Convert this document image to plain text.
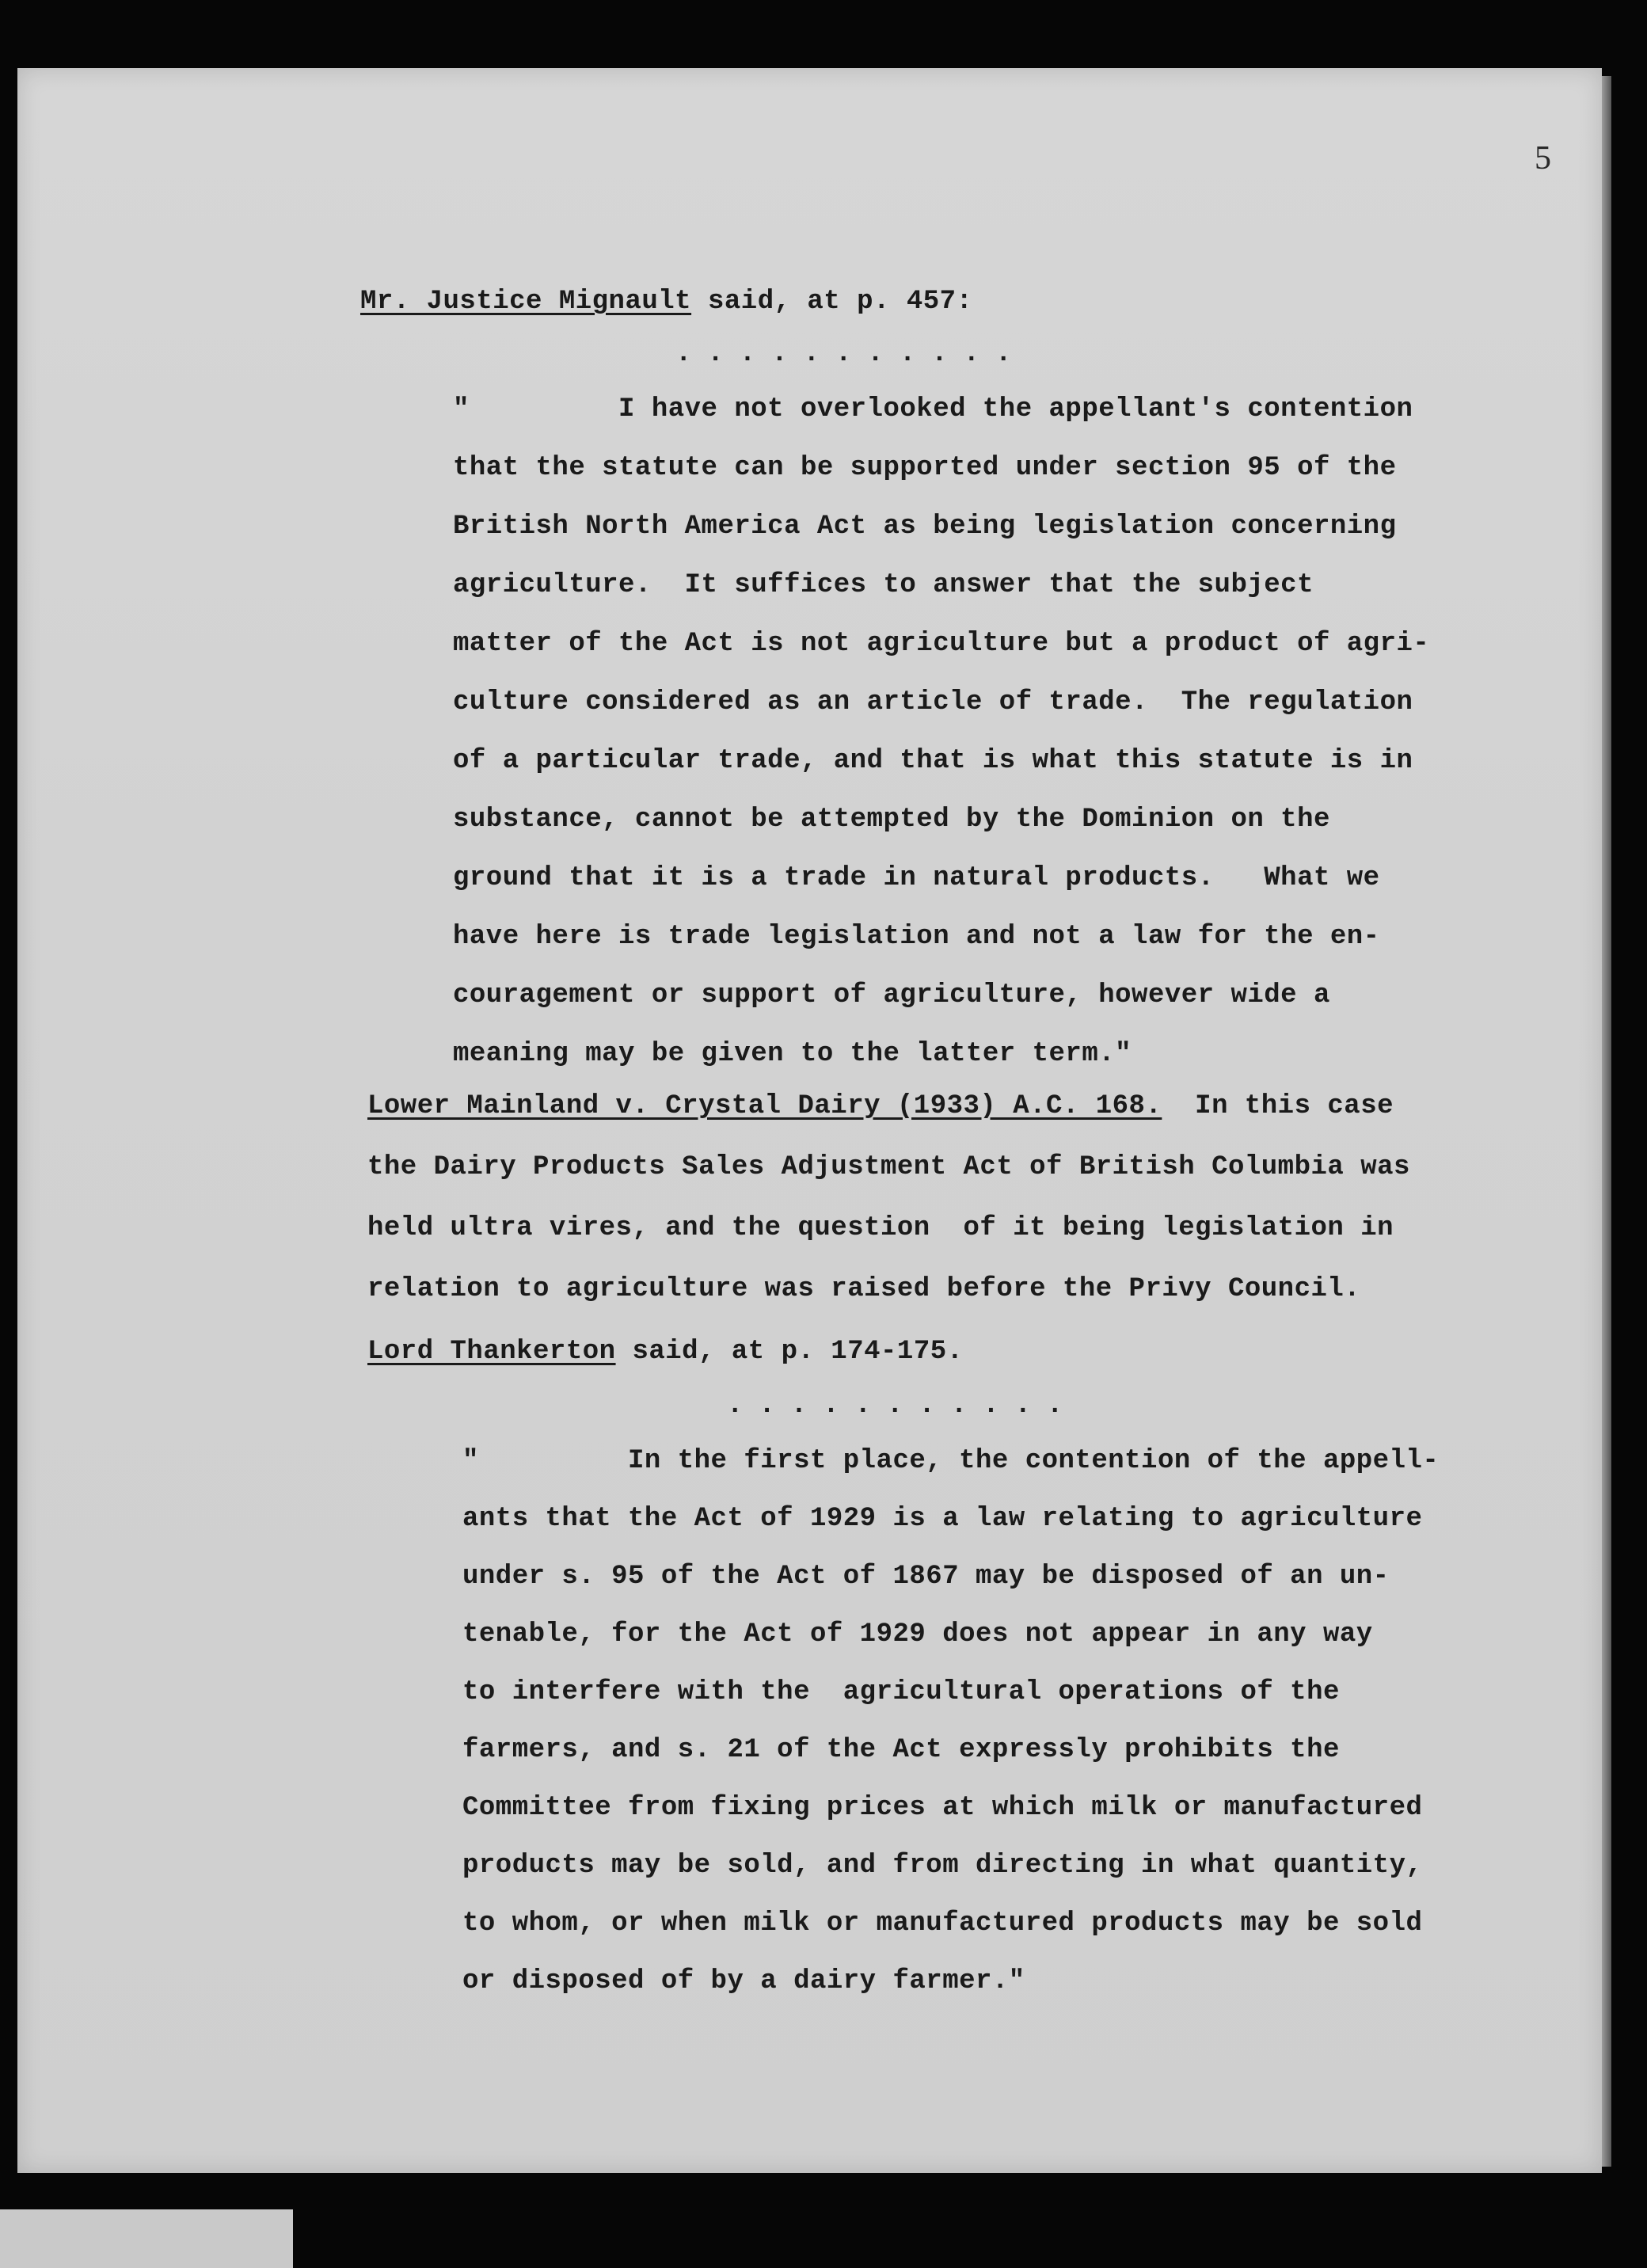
5
Mr. Justice Mignault said, at p. 457:
...........
"         I have not overlooked the appellant's contention
that the statute can be supported under section 95 of the
British North America Act as being legislation concerning
agriculture.  It suffices to answer that the subject
matter of the Act is not agriculture but a product of agri-
culture considered as an article of trade.  The regulation
of a particular trade, and that is what this statute is in
substance, cannot be attempted by the Dominion on the
ground that it is a trade in natural products.   What we
have here is trade legislation and not a law for the en-
couragement or support of agriculture, however wide a
meaning may be given to the latter term."
Lower Mainland v. Crystal Dairy (1933) A.C. 168.  In this case
the Dairy Products Sales Adjustment Act of British Columbia was
held ultra vires, and the question  of it being legislation in
relation to agriculture was raised before the Privy Council.
Lord Thankerton said, at p. 174-175.
...........
"         In the first place, the contention of the appell-
ants that the Act of 1929 is a law relating to agriculture
under s. 95 of the Act of 1867 may be disposed of an un-
tenable, for the Act of 1929 does not appear in any way
to interfere with the  agricultural operations of the
farmers, and s. 21 of the Act expressly prohibits the
Committee from fixing prices at which milk or manufactured
products may be sold, and from directing in what quantity,
to whom, or when milk or manufactured products may be sold
or disposed of by a dairy farmer."
